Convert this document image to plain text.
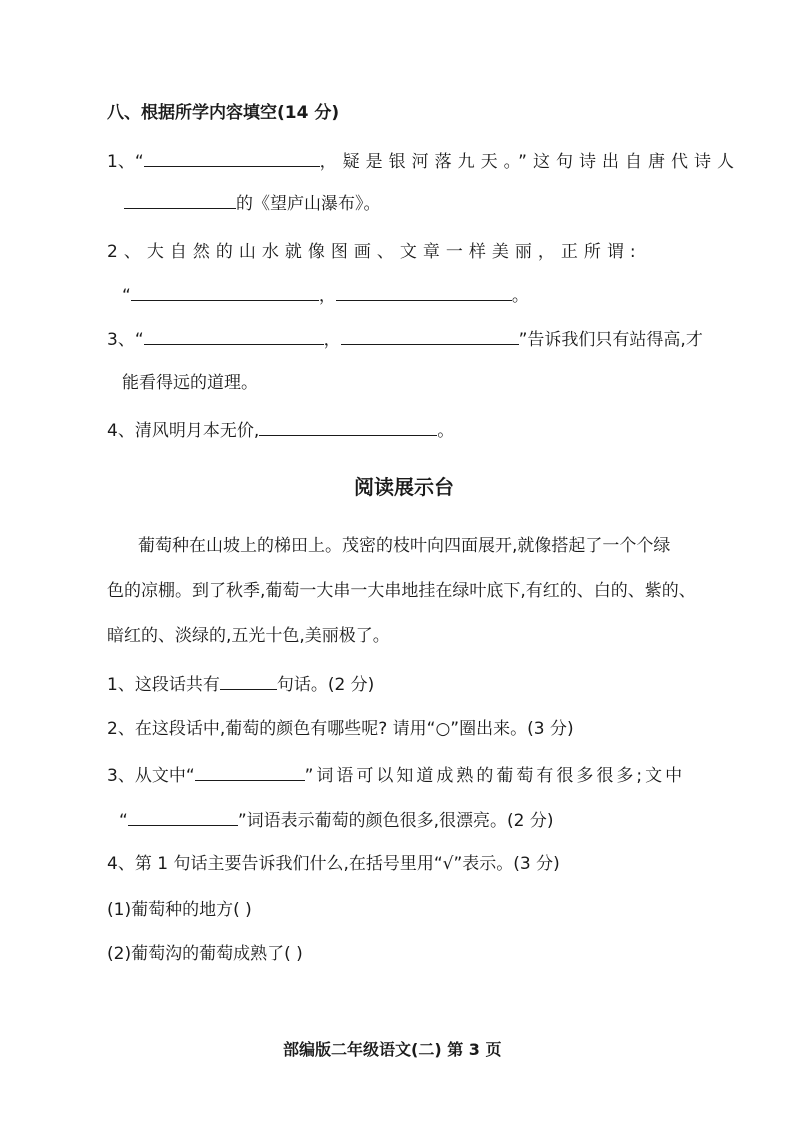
八、根据所学内容填空(14 分)
1、“	，疑是银河落九天。”这句诗出自唐代诗人
的《望庐山瀑布》。
2、大自然的山水就像图画、文章一样美丽，正所谓:
“	，	。
3、“	，	”告诉我们只有站得高,才
能看得远的道理。
4、清风明月本无价,	。
阅读展示台
葡萄种在山坡上的梯田上。茂密的枝叶向四面展开,就像搭起了一个个绿
色的凉棚。到了秋季,葡萄一大串一大串地挂在绿叶底下,有红的、白的、紫的、
暗红的、淡绿的,五光十色,美丽极了。
1、这段话共有	句话。(2 分)
2、在这段话中,葡萄的颜色有哪些呢? 请用“○”圈出来。(3 分)
3、从文中“	”词语可以知道成熟的葡萄有很多很多;文中
“	”词语表示葡萄的颜色很多,很漂亮。(2 分)
4、第 1 句话主要告诉我们什么,在括号里用“√”表示。(3 分)
(1)葡萄种的地方( )
(2)葡萄沟的葡萄成熟了( )
部编版二年级语文(二) 第 3 页
